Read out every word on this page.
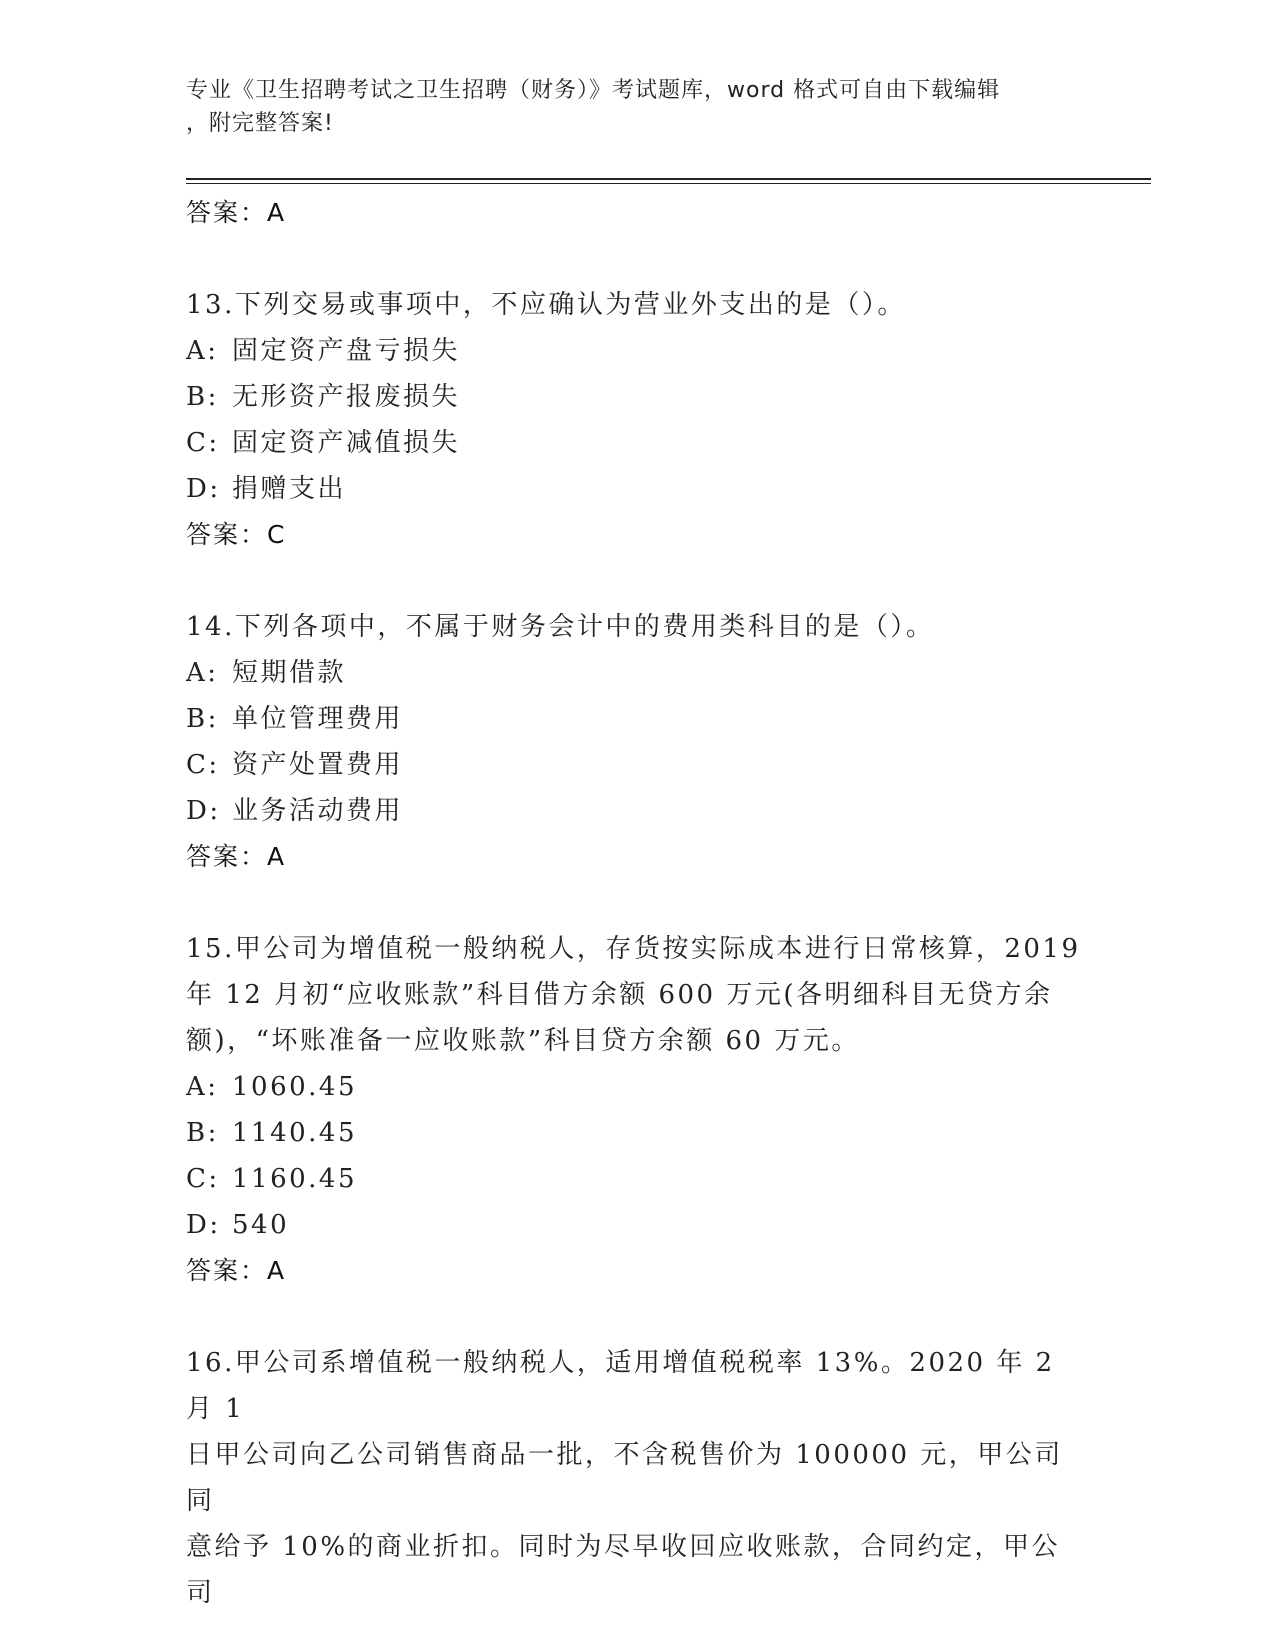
专业《卫生招聘考试之卫生招聘（财务）》考试题库，word 格式可自由下载编辑
，附完整答案!
答案：A
13.下列交易或事项中，不应确认为营业外支出的是（）。
A: 固定资产盘亏损失
B: 无形资产报废损失
C: 固定资产减值损失
D: 捐赠支出
答案：C
14.下列各项中，不属于财务会计中的费用类科目的是（）。
A: 短期借款
B: 单位管理费用
C: 资产处置费用
D: 业务活动费用
答案：A
15.甲公司为增值税一般纳税人，存货按实际成本进行日常核算，2019
年 12 月初“应收账款”科目借方余额 600 万元(各明细科目无贷方余
额)，“坏账准备一应收账款”科目贷方余额 60 万元。
A: 1060.45
B: 1140.45
C: 1160.45
D: 540
答案：A
16.甲公司系增值税一般纳税人，适用增值税税率 13%。2020 年 2 月 1
日甲公司向乙公司销售商品一批，不含税售价为 100000 元，甲公司同
意给予 10%的商业折扣。同时为尽早收回应收账款，合同约定，甲公司
